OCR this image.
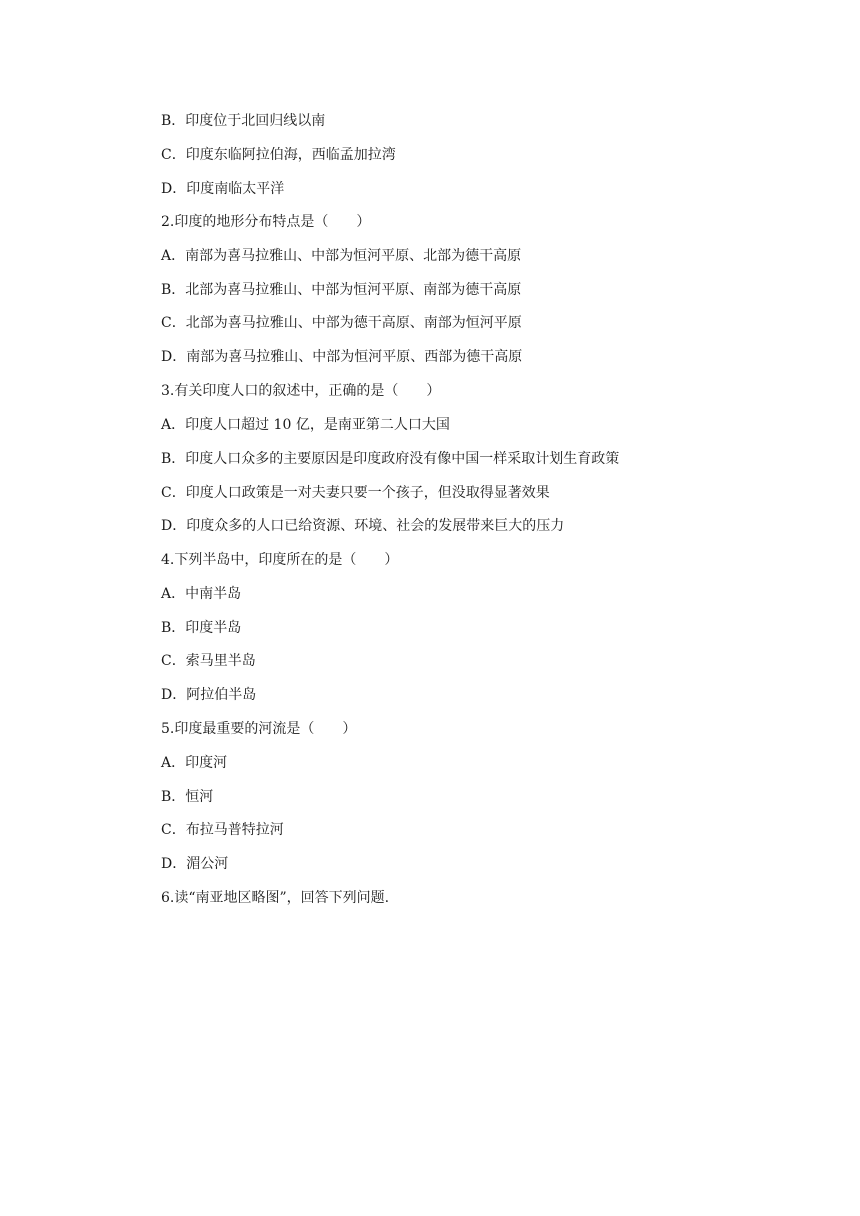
B．印度位于北回归线以南
C．印度东临阿拉伯海，西临孟加拉湾
D．印度南临太平洋
2.印度的地形分布特点是（　　）
A．南部为喜马拉雅山、中部为恒河平原、北部为德干高原
B．北部为喜马拉雅山、中部为恒河平原、南部为德干高原
C．北部为喜马拉雅山、中部为德干高原、南部为恒河平原
D．南部为喜马拉雅山、中部为恒河平原、西部为德干高原
3.有关印度人口的叙述中，正确的是（　　）
A．印度人口超过 10 亿，是南亚第二人口大国
B．印度人口众多的主要原因是印度政府没有像中国一样采取计划生育政策
C．印度人口政策是一对夫妻只要一个孩子，但没取得显著效果
D．印度众多的人口已给资源、环境、社会的发展带来巨大的压力
4.下列半岛中，印度所在的是（　　）
A．中南半岛
B．印度半岛
C．索马里半岛
D．阿拉伯半岛
5.印度最重要的河流是（　　）
A．印度河
B．恒河
C．布拉马普特拉河
D．湄公河
6.读“南亚地区略图”，回答下列问题.
